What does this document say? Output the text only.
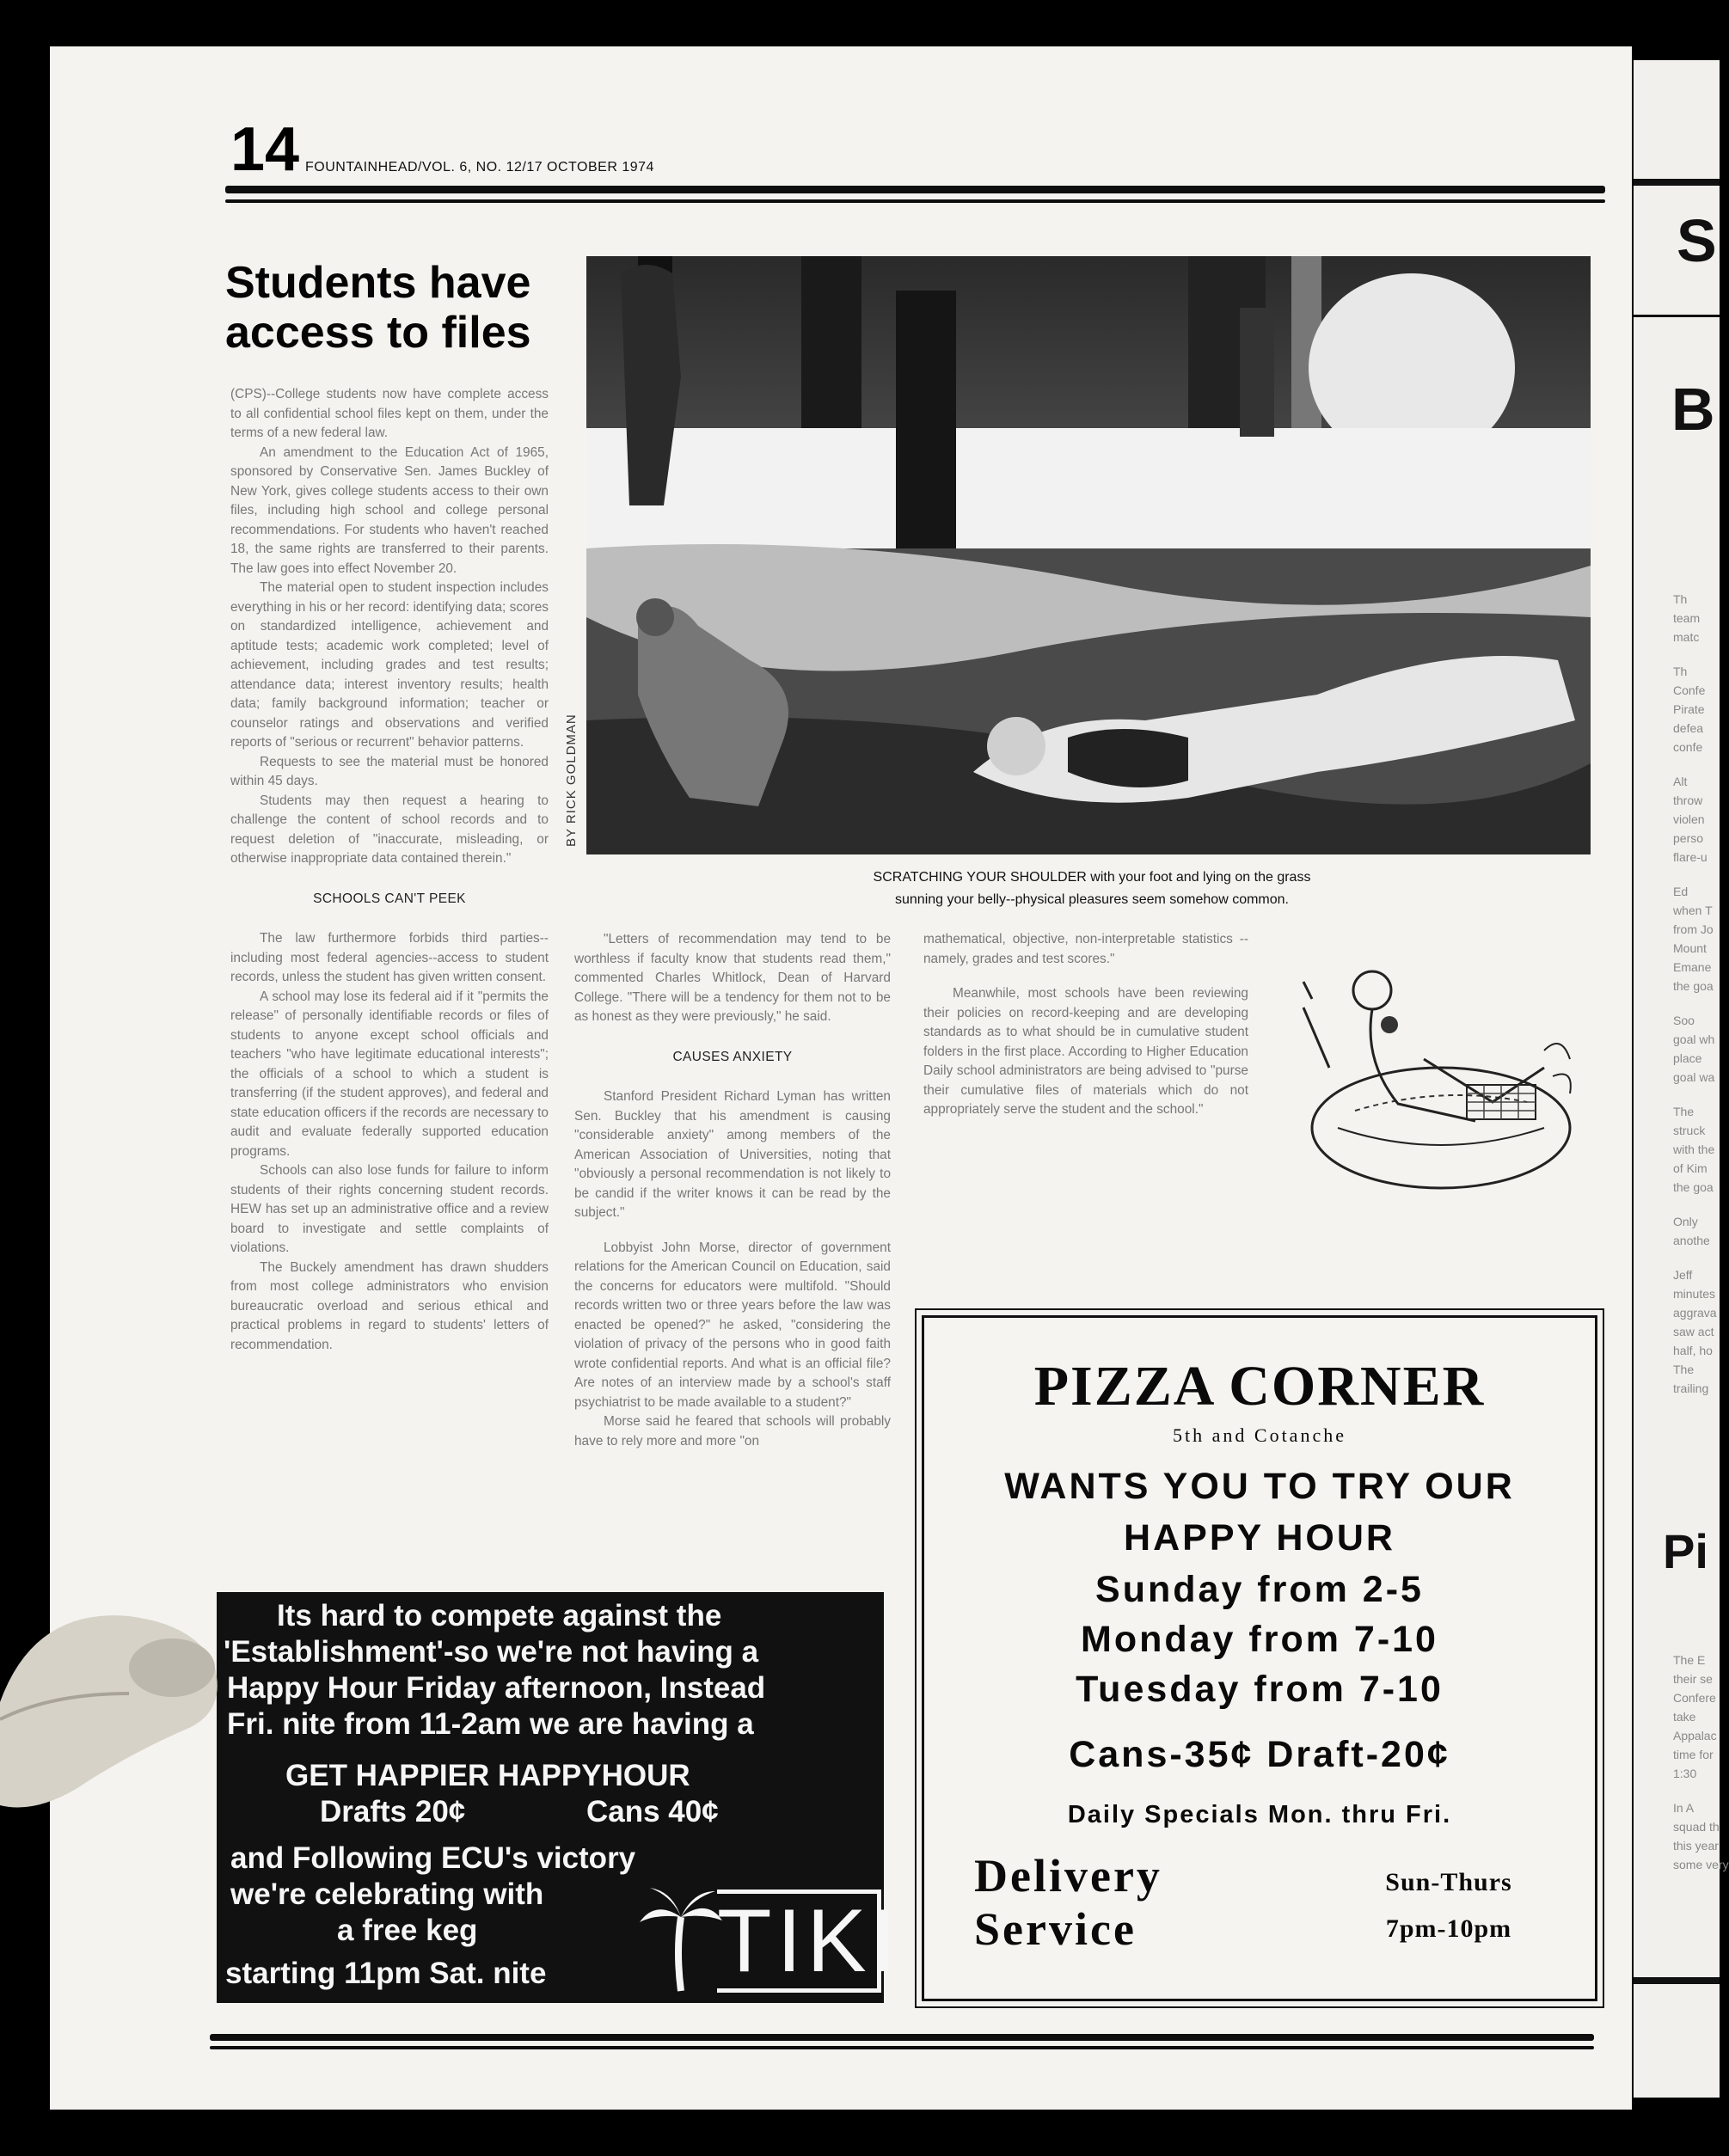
S
B
Pi
Th
team
matc
Th
Confe
Pirate
defea
confe
Alt
throw
violen
perso
flare-u
Ed
when T
from Jo
Mount
Emane
the goa
Soo
goal wh
place
goal wa
The
struck
with the
of Kim
the goa
Only
anothe
Jeff
minutes
aggrava
saw act
half, ho
The
trailing
The E
their se
Confere
take
Appalac
time for
1:30
In A
squad th
this year
some very
14 FOUNTAINHEAD/VOL. 6, NO. 12/17 OCTOBER 1974
Students have
access to files

(CPS)--College students now have complete access to all confidential school files kept on them, under the terms of a new federal law.

An amendment to the Education Act of 1965, sponsored by Conservative Sen. James Buckley of New York, gives college students access to their own files, including high school and college personal recommendations. For students who haven't reached 18, the same rights are transferred to their parents. The law goes into effect November 20.

The material open to student inspection includes everything in his or her record: identifying data; scores on standardized intelligence, achievement and aptitude tests; academic work completed; level of achievement, including grades and test results; attendance data; interest inventory results; health data; family background information; teacher or counselor ratings and observations and verified reports of "serious or recurrent" behavior patterns.

Requests to see the material must be honored within 45 days.

Students may then request a hearing to challenge the content of school records and to request deletion of "inaccurate, misleading, or otherwise inappropriate data contained therein."

SCHOOLS CAN'T PEEK

The law furthermore forbids third parties--including most federal agencies--access to student records, unless the student has given written consent.

A school may lose its federal aid if it "permits the release" of personally identifiable records or files of students to anyone except school officials and teachers "who have legitimate educational interests"; the officials of a school to which a student is transferring (if the student approves), and federal and state education officers if the records are necessary to audit and evaluate federally supported education programs.

Schools can also lose funds for failure to inform students of their rights concerning student records. HEW has set up an administrative office and a review board to investigate and settle complaints of violations.

The Buckely amendment has drawn shudders from most college administrators who envision bureaucratic overload and serious ethical and practical problems in regard to students' letters of recommendation.

BY RICK GOLDMAN
SCRATCHING YOUR SHOULDER with your foot and lying on the grass
sunning your belly--physical pleasures seem somehow common.

"Letters of recommendation may tend to be worthless if faculty know that students read them," commented Charles Whitlock, Dean of Harvard College. "There will be a tendency for them not to be as honest as they were previously," he said.

CAUSES ANXIETY

Stanford President Richard Lyman has written Sen. Buckley that his amendment is causing "considerable anxiety" among members of the American Association of Universities, noting that "obviously a personal recommendation is not likely to be candid if the writer knows it can be read by the subject."

Lobbyist John Morse, director of government relations for the American Council on Education, said the concerns for educators were multifold. "Should records written two or three years before the law was enacted be opened?" he asked, "considering the violation of privacy of the persons who in good faith wrote confidential reports. And what is an official file? Are notes of an interview made by a school's staff psychiatrist to be made available to a student?"

Morse said he feared that schools will probably have to rely more and more "on

mathematical, objective, non-interpretable statistics --namely, grades and test scores."

Meanwhile, most schools have been reviewing their policies on record-keeping and are developing standards as to what should be in cumulative student folders in the first place. According to Higher Education Daily school administrators are being advised to "purse their cumulative files of materials which do not appropriately serve the student and the school."

Its hard to compete against the
'Establishment'-so we're not having a
Happy Hour Friday afternoon, Instead
Fri. nite from 11-2am we are having a
GET HAPPIER HAPPYHOUR
Drafts 20¢	Cans 40¢
and Following ECU's victory
we're celebrating with
a free keg
starting 11pm Sat. nite TIKI
PIZZA CORNER
5th and Cotanche
WANTS YOU TO TRY OUR
HAPPY HOUR
Sunday from 2-5
Monday from 7-10
Tuesday from 7-10
Cans-35¢ Draft-20¢
Daily Specials Mon. thru Fri.
Delivery
Service
Sun-Thurs
7pm-10pm
